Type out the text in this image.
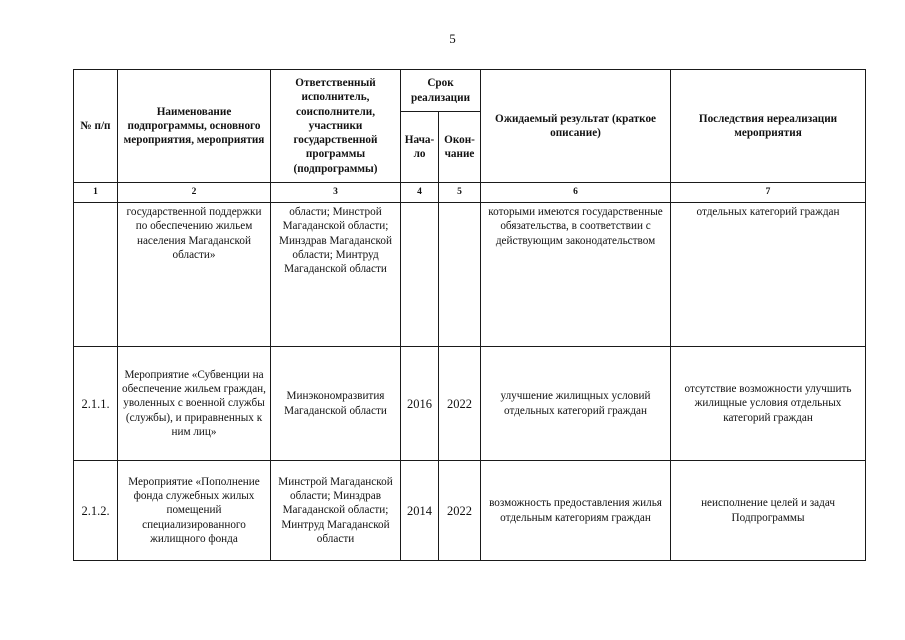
5
№ п/п	Наименование подпрограммы, основного мероприятия, мероприятия	Ответственный исполнитель, соисполнители, участники государственной программы (подпрограммы)	Срок реализации		Ожидаемый результат (краткое описание)	Последствия нереализации мероприятия
			Нача-ло	Окон-чание		
1	2	3	4	5	6	7
	государственной поддержки по обеспечению жильем населения Магаданской области»	области; Минстрой Магаданской области; Минздрав Магаданской области; Минтруд Магаданской области			которыми имеются государственные обязательства, в соответствии с действующим законодательством	отдельных категорий граждан
2.1.1.	Мероприятие «Субвенции на обеспечение жильем граждан, уволенных с военной службы (службы), и приравненных к ним лиц»	Минэкономразвития Магаданской области	2016	2022	улучшение жилищных условий отдельных категорий граждан	отсутствие возможности улучшить жилищные условия отдельных категорий граждан
2.1.2.	Мероприятие «Пополнение фонда служебных жилых помещений специализированного жилищного фонда	Минстрой Магаданской области; Минздрав Магаданской области; Минтруд Магаданской области	2014	2022	возможность предоставления жилья отдельным категориям граждан	неисполнение целей и задач Подпрограммы
